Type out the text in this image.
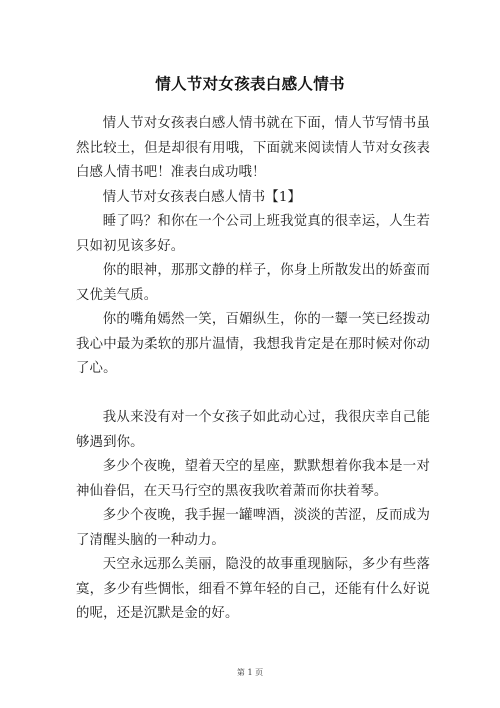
情人节对女孩表白感人情书

情人节对女孩表白感人情书就在下面，情人节写情书虽然比较土，但是却很有用哦，下面就来阅读情人节对女孩表白感人情书吧！准表白成功哦！

情人节对女孩表白感人情书【1】

睡了吗？和你在一个公司上班我觉真的很幸运，人生若只如初见该多好。

你的眼神，那那文静的样子，你身上所散发出的娇蛮而又优美气质。

你的嘴角嫣然一笑，百媚纵生，你的一颦一笑已经拨动我心中最为柔软的那片温情，我想我肯定是在那时候对你动了心。

我从来没有对一个女孩子如此动心过，我很庆幸自己能够遇到你。

多少个夜晚，望着天空的星座，默默想着你我本是一对神仙眷侣，在天马行空的黑夜我吹着萧而你扶着琴。

多少个夜晚，我手握一罐啤酒，淡淡的苦涩，反而成为了清醒头脑的一种动力。

天空永远那么美丽，隐没的故事重现脑际，多少有些落寞，多少有些惆怅，细看不算年轻的自己，还能有什么好说的呢，还是沉默是金的好。

第 1 页
